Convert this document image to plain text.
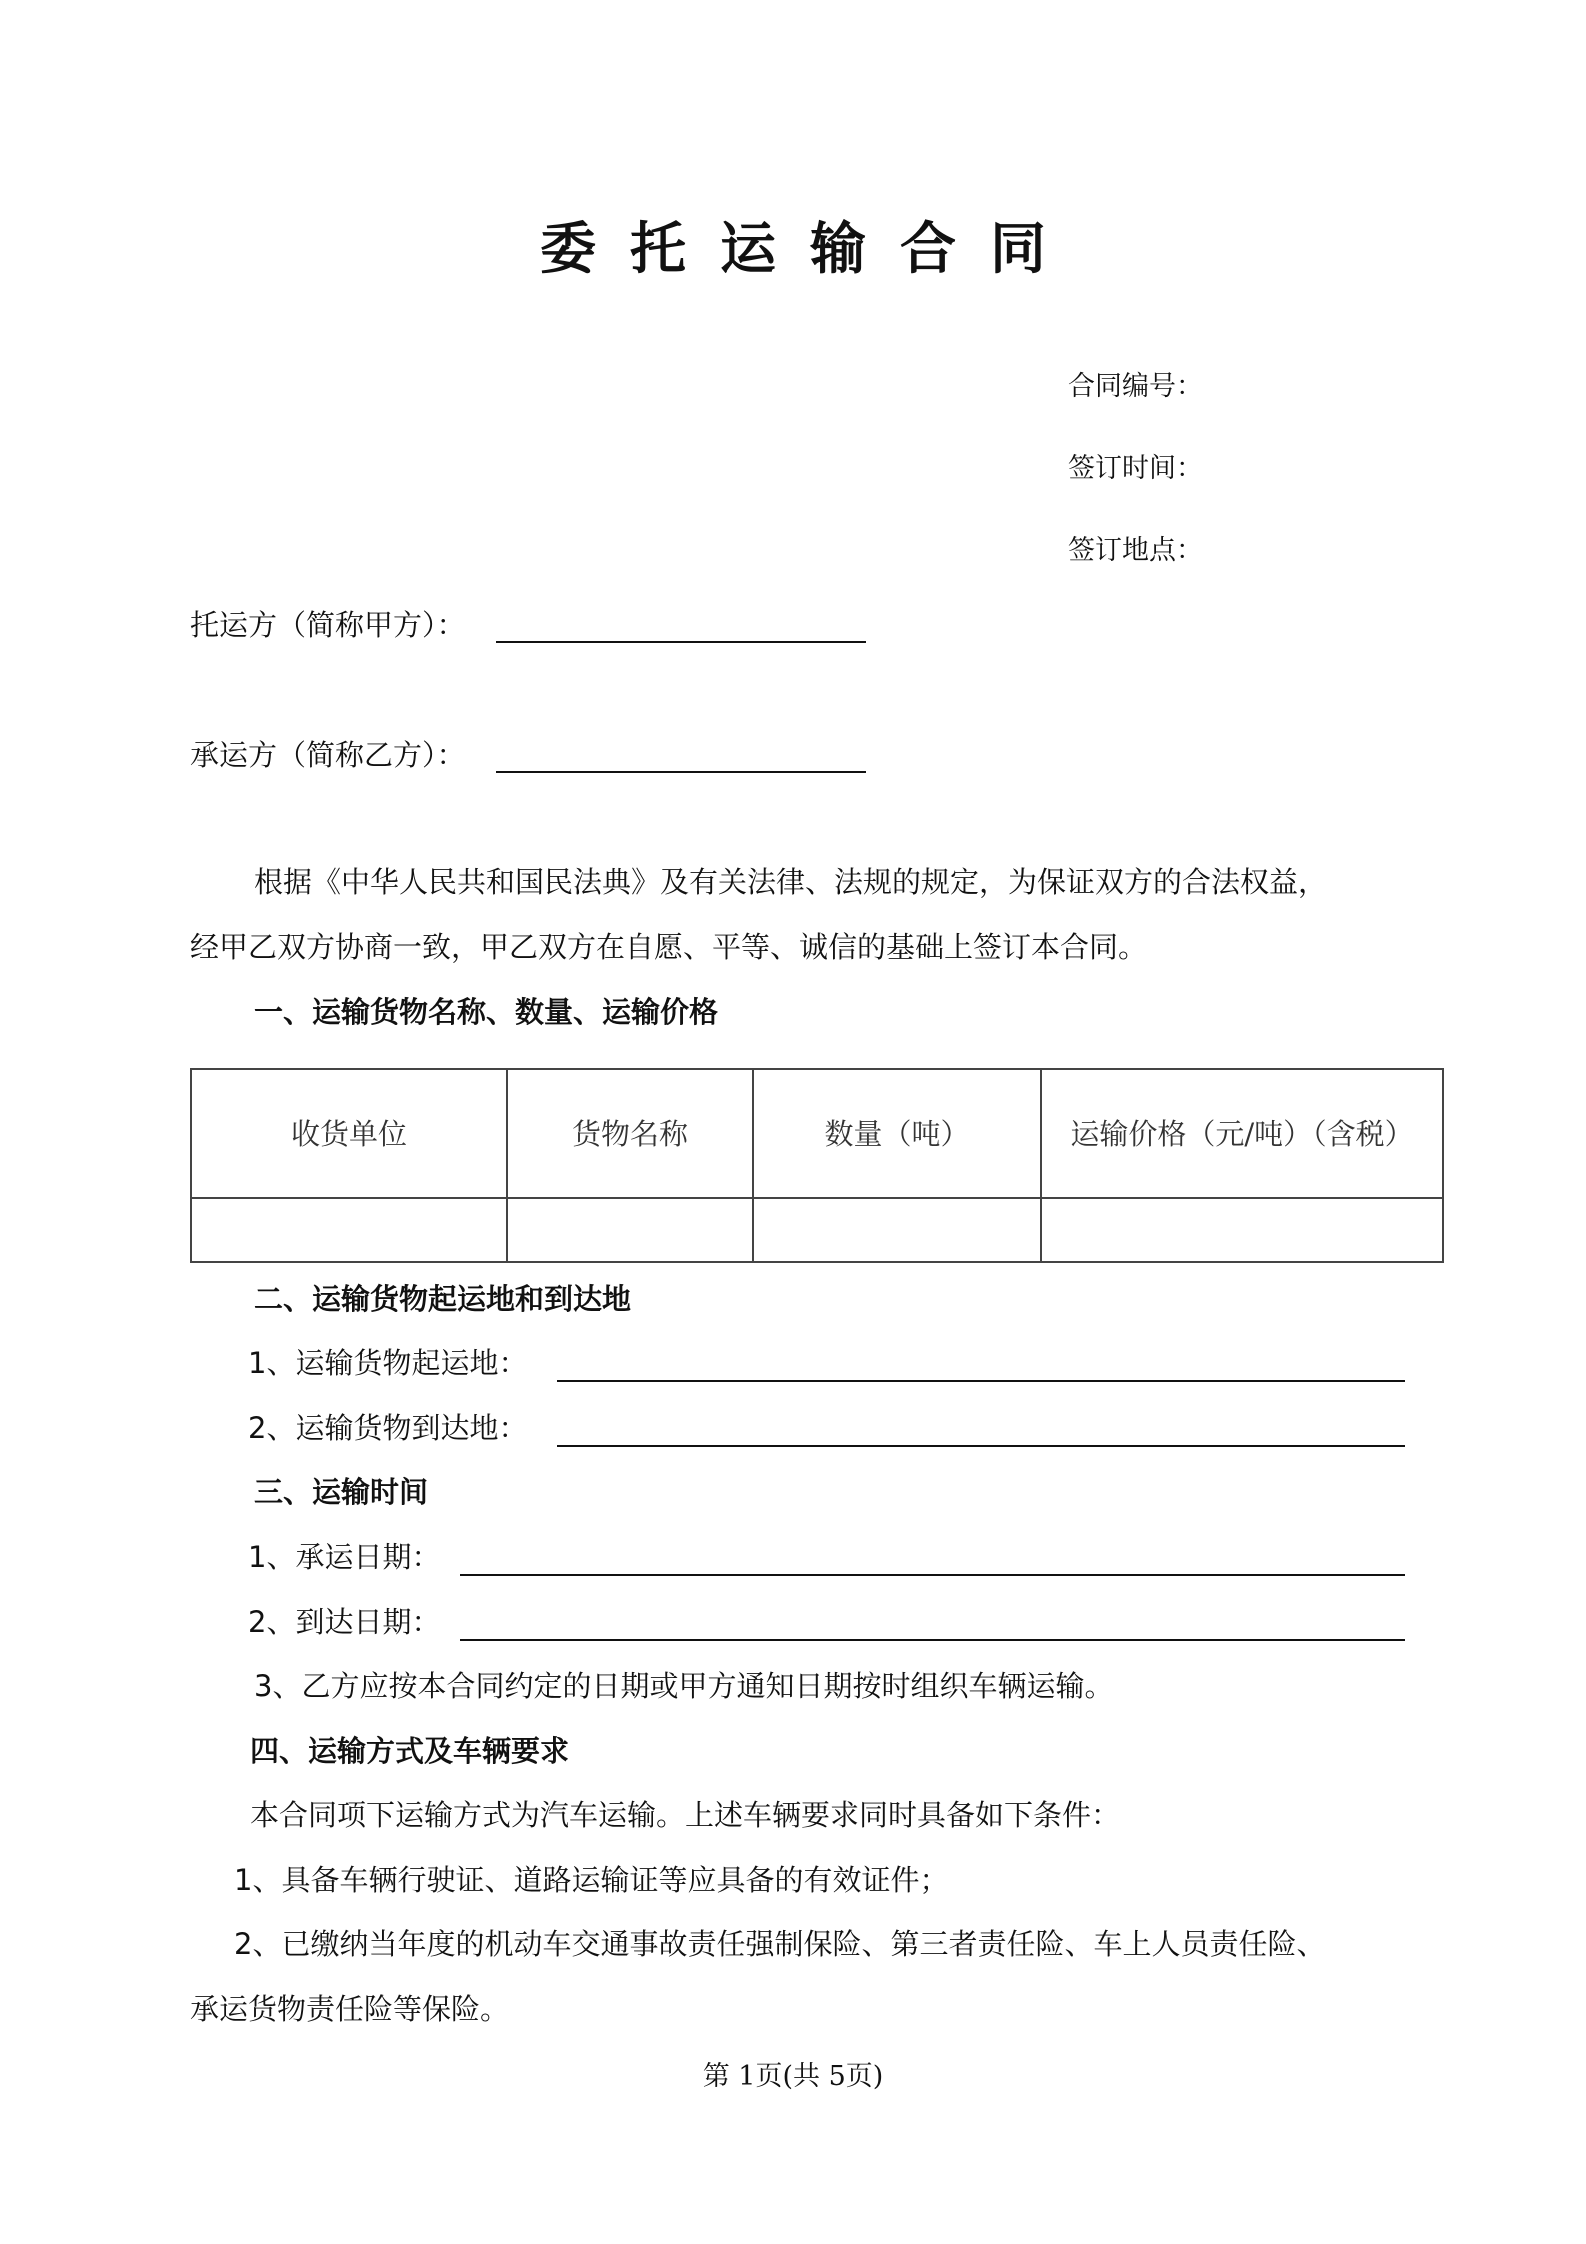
委托运输合同
合同编号：
签订时间：
签订地点：
托运方（简称甲方）：
承运方（简称乙方）：
根据《中华人民共和国民法典》及有关法律、法规的规定，为保证双方的合法权益，
经甲乙双方协商一致，甲乙双方在自愿、平等、诚信的基础上签订本合同。
一、运输货物名称、数量、运输价格
收货单位	货物名称	数量（吨）	运输价格（元/吨）（含税）

二、运输货物起运地和到达地
1、运输货物起运地：
2、运输货物到达地：
三、运输时间
1、承运日期：
2、到达日期：
3、乙方应按本合同约定的日期或甲方通知日期按时组织车辆运输。
四、运输方式及车辆要求
本合同项下运输方式为汽车运输。上述车辆要求同时具备如下条件：
1、具备车辆行驶证、道路运输证等应具备的有效证件；
2、已缴纳当年度的机动车交通事故责任强制保险、第三者责任险、车上人员责任险、
承运货物责任险等保险。
第 1页(共 5页)
